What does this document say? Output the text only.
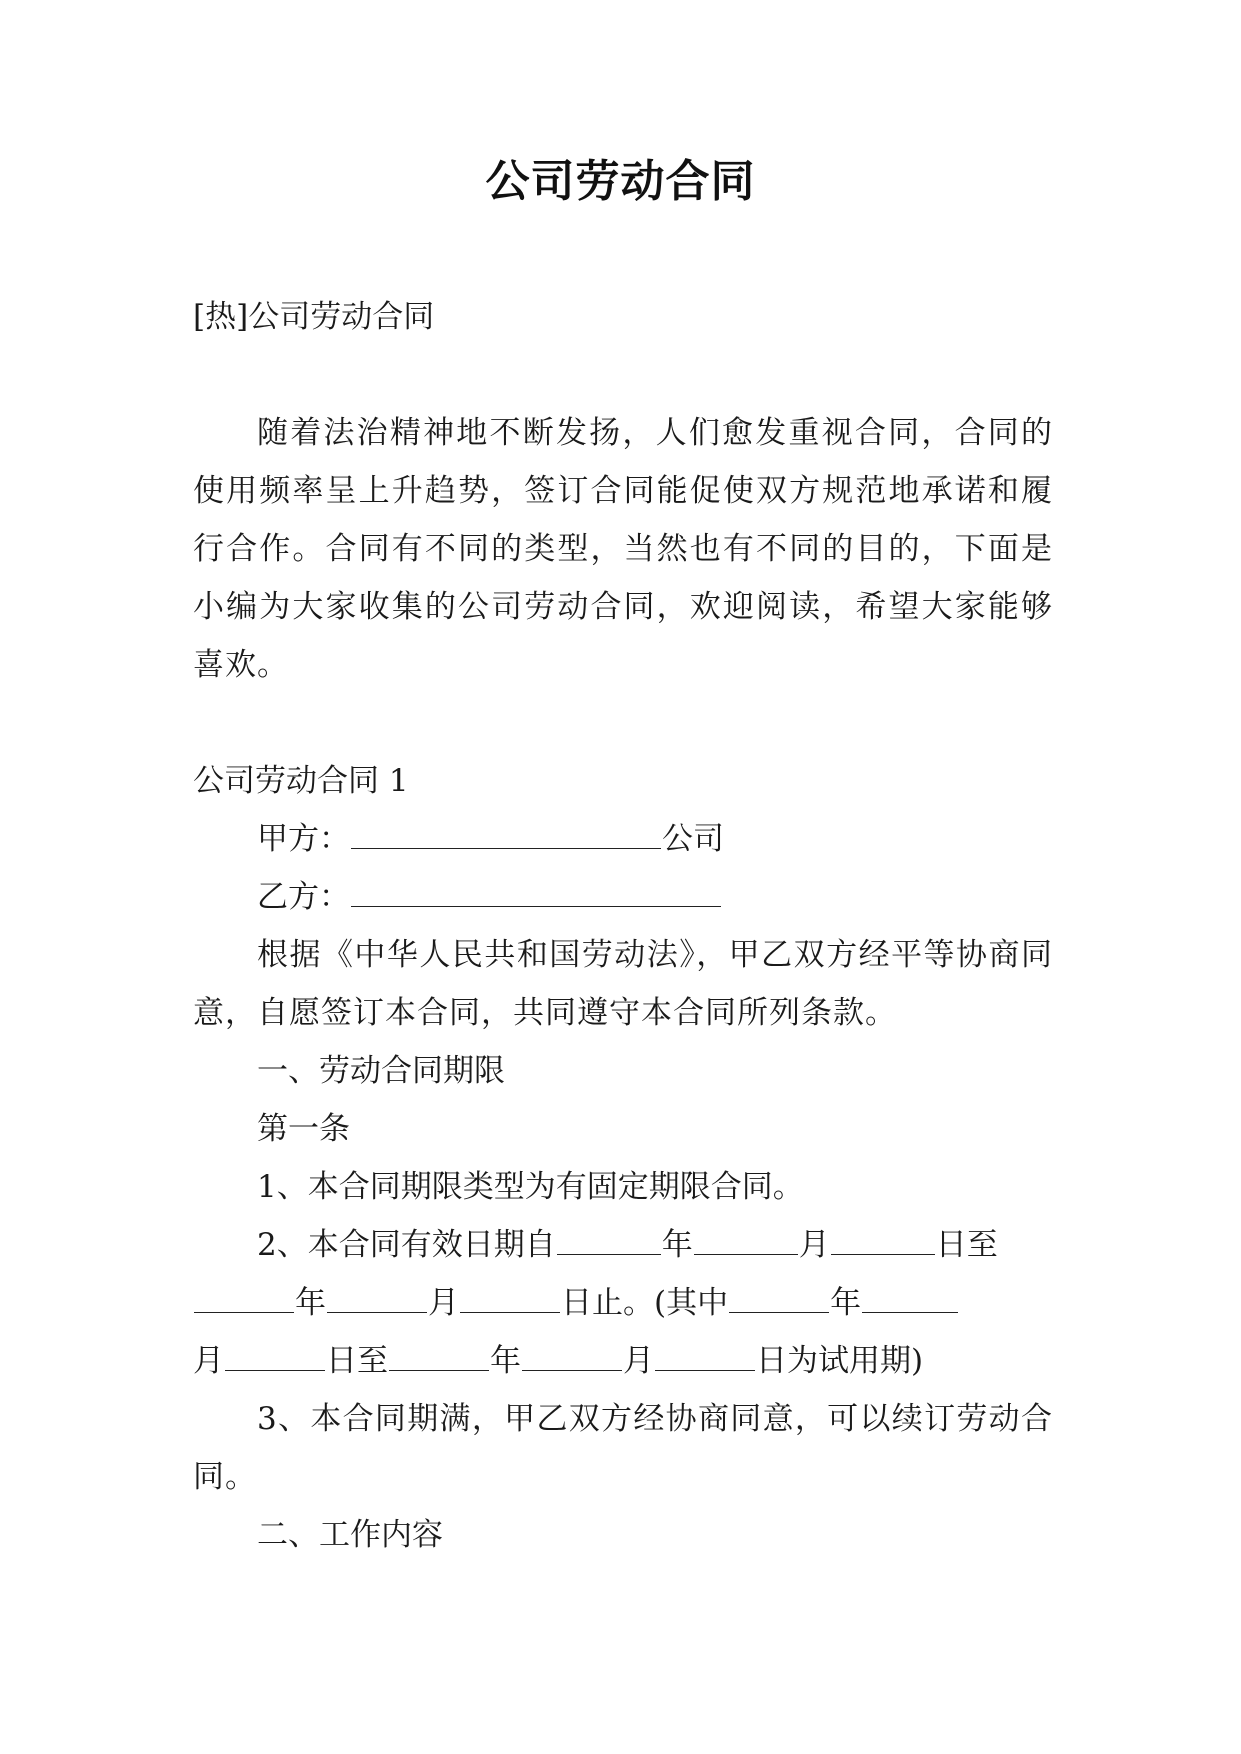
公司劳动合同
[热]公司劳动合同
随着法治精神地不断发扬，人们愈发重视合同，合同的使用频率呈上升趋势，签订合同能促使双方规范地承诺和履行合作。合同有不同的类型，当然也有不同的目的，下面是小编为大家收集的公司劳动合同，欢迎阅读，希望大家能够喜欢。
公司劳动合同 1
甲方：	公司
乙方：
根据《中华人民共和国劳动法》，甲乙双方经平等协商同意，自愿签订本合同，共同遵守本合同所列条款。
一、劳动合同期限
第一条
1、本合同期限类型为有固定期限合同。
2、本合同有效日期自	年	月	日至
年	月	日止。(其中	年
月	日至	年	月	日为试用期)
3、本合同期满，甲乙双方经协商同意，可以续订劳动合同。
二、工作内容
